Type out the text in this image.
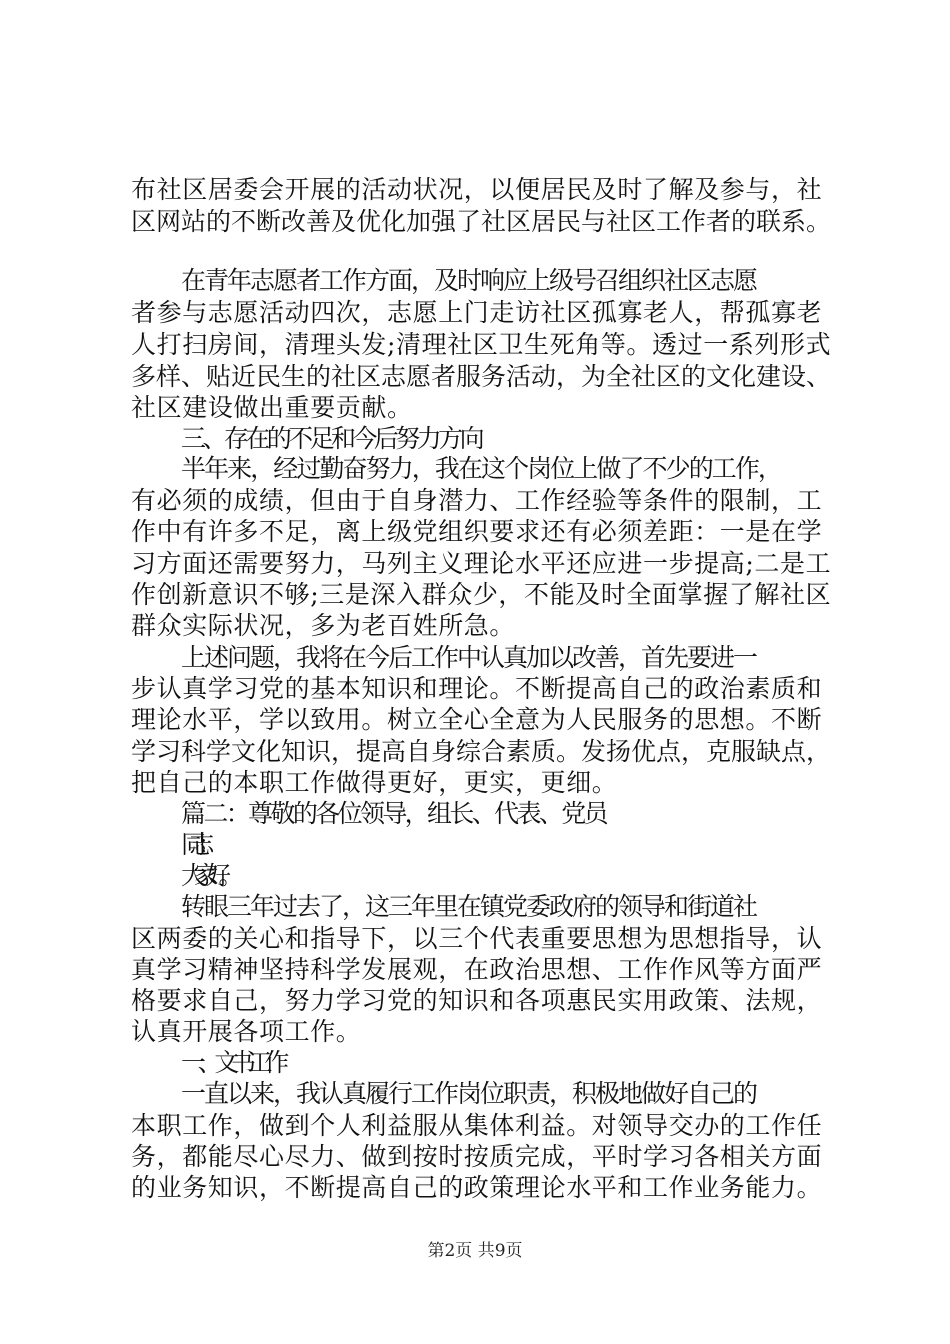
布社区居委会开展的活动状况，以便居民及时了解及参与，社
区网站的不断改善及优化加强了社区居民与社区工作者的联系。
在青年志愿者工作方面，及时响应上级号召组织社区志愿
者参与志愿活动四次，志愿上门走访社区孤寡老人，帮孤寡老
人打扫房间，清理头发;清理社区卫生死角等。透过一系列形式
多样、贴近民生的社区志愿者服务活动，为全社区的文化建设、
社区建设做出重要贡献。
三、存在的不足和今后努力方向
半年来，经过勤奋努力，我在这个岗位上做了不少的工作，
有必须的成绩，但由于自身潜力、工作经验等条件的限制，工
作中有许多不足，离上级党组织要求还有必须差距：一是在学
习方面还需要努力，马列主义理论水平还应进一步提高;二是工
作创新意识不够;三是深入群众少，不能及时全面掌握了解社区
群众实际状况，多为老百姓所急。
上述问题，我将在今后工作中认真加以改善，首先要进一
步认真学习党的基本知识和理论。不断提高自己的政治素质和
理论水平，学以致用。树立全心全意为人民服务的思想。不断
学习科学文化知识，提高自身综合素质。发扬优点，克服缺点，
把自己的本职工作做得更好，更实，更细。
篇二：尊敬的各位领导，组长、代表、党员
同志：
大家好。
转眼三年过去了，这三年里在镇党委政府的领导和街道社
区两委的关心和指导下，以三个代表重要思想为思想指导，认
真学习精神坚持科学发展观，在政治思想、工作作风等方面严
格要求自己，努力学习党的知识和各项惠民实用政策、法规，
认真开展各项工作。
一、文书工作
一直以来，我认真履行工作岗位职责，积极地做好自己的
本职工作，做到个人利益服从集体利益。对领导交办的工作任
务，都能尽心尽力、做到按时按质完成，平时学习各相关方面
的业务知识，不断提高自己的政策理论水平和工作业务能力。
第2页 共9页
